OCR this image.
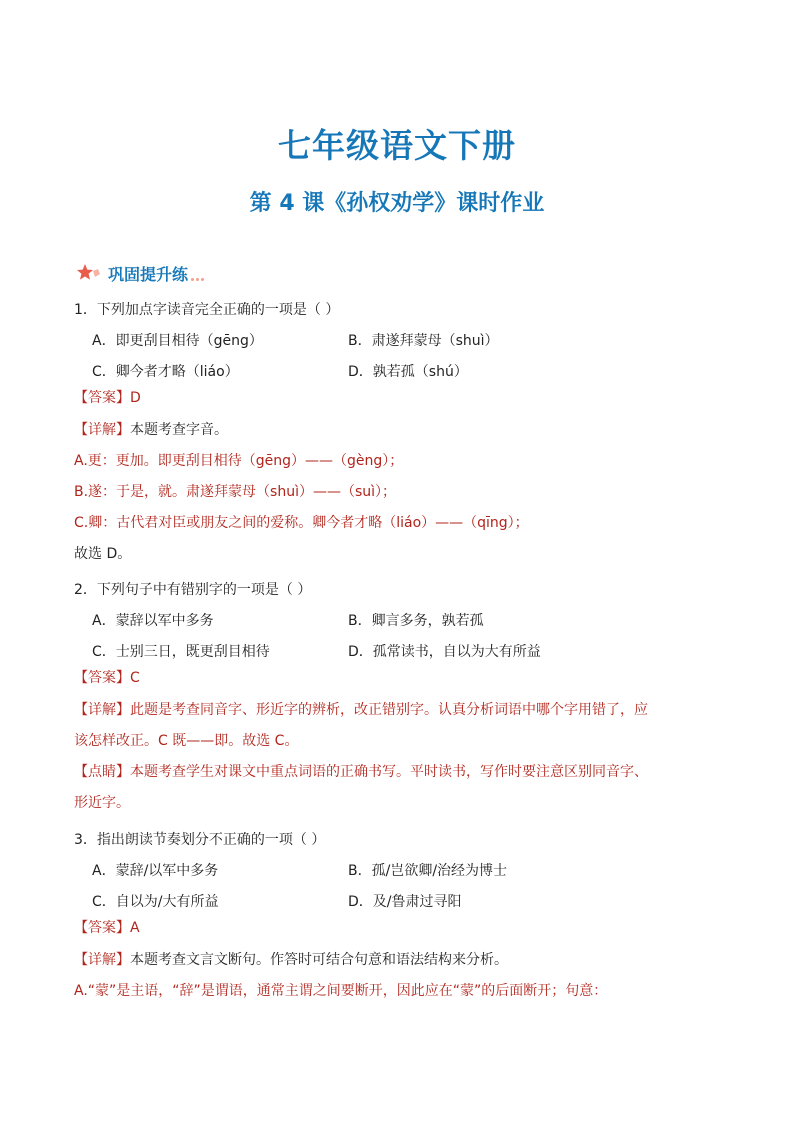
七年级语文下册
第 4 课《孙权劝学》课时作业
巩固提升练
1．下列加点字读音完全正确的一项是（ ）
A．即更刮目相待（gēng）	B．肃遂拜蒙母（shuì）
C．卿今者才略（liáo）	D．孰若孤（shú）
【答案】D
【详解】本题考查字音。
A.更：更加。即更刮目相待（gēng）——（gèng）；
B.遂：于是，就。肃遂拜蒙母（shuì）——（suì）；
C.卿：古代君对臣或朋友之间的爱称。卿今者才略（liáo）——（qīng）；
故选 D。
2．下列句子中有错别字的一项是（ ）
A．蒙辞以军中多务	B．卿言多务，孰若孤
C．士别三日，既更刮目相待	D．孤常读书，自以为大有所益
【答案】C
【详解】此题是考查同音字、形近字的辨析，改正错别字。认真分析词语中哪个字用错了，应
该怎样改正。C 既——即。故选 C。
【点睛】本题考查学生对课文中重点词语的正确书写。平时读书，写作时要注意区别同音字、
形近字。
3．指出朗读节奏划分不正确的一项（ ）
A．蒙辞/以军中多务	B．孤/岂欲卿/治经为博士
C．自以为/大有所益	D．及/鲁肃过寻阳
【答案】A
【详解】本题考查文言文断句。作答时可结合句意和语法结构来分析。
A.“蒙”是主语，“辞”是谓语，通常主谓之间要断开，因此应在“蒙”的后面断开；句意：
